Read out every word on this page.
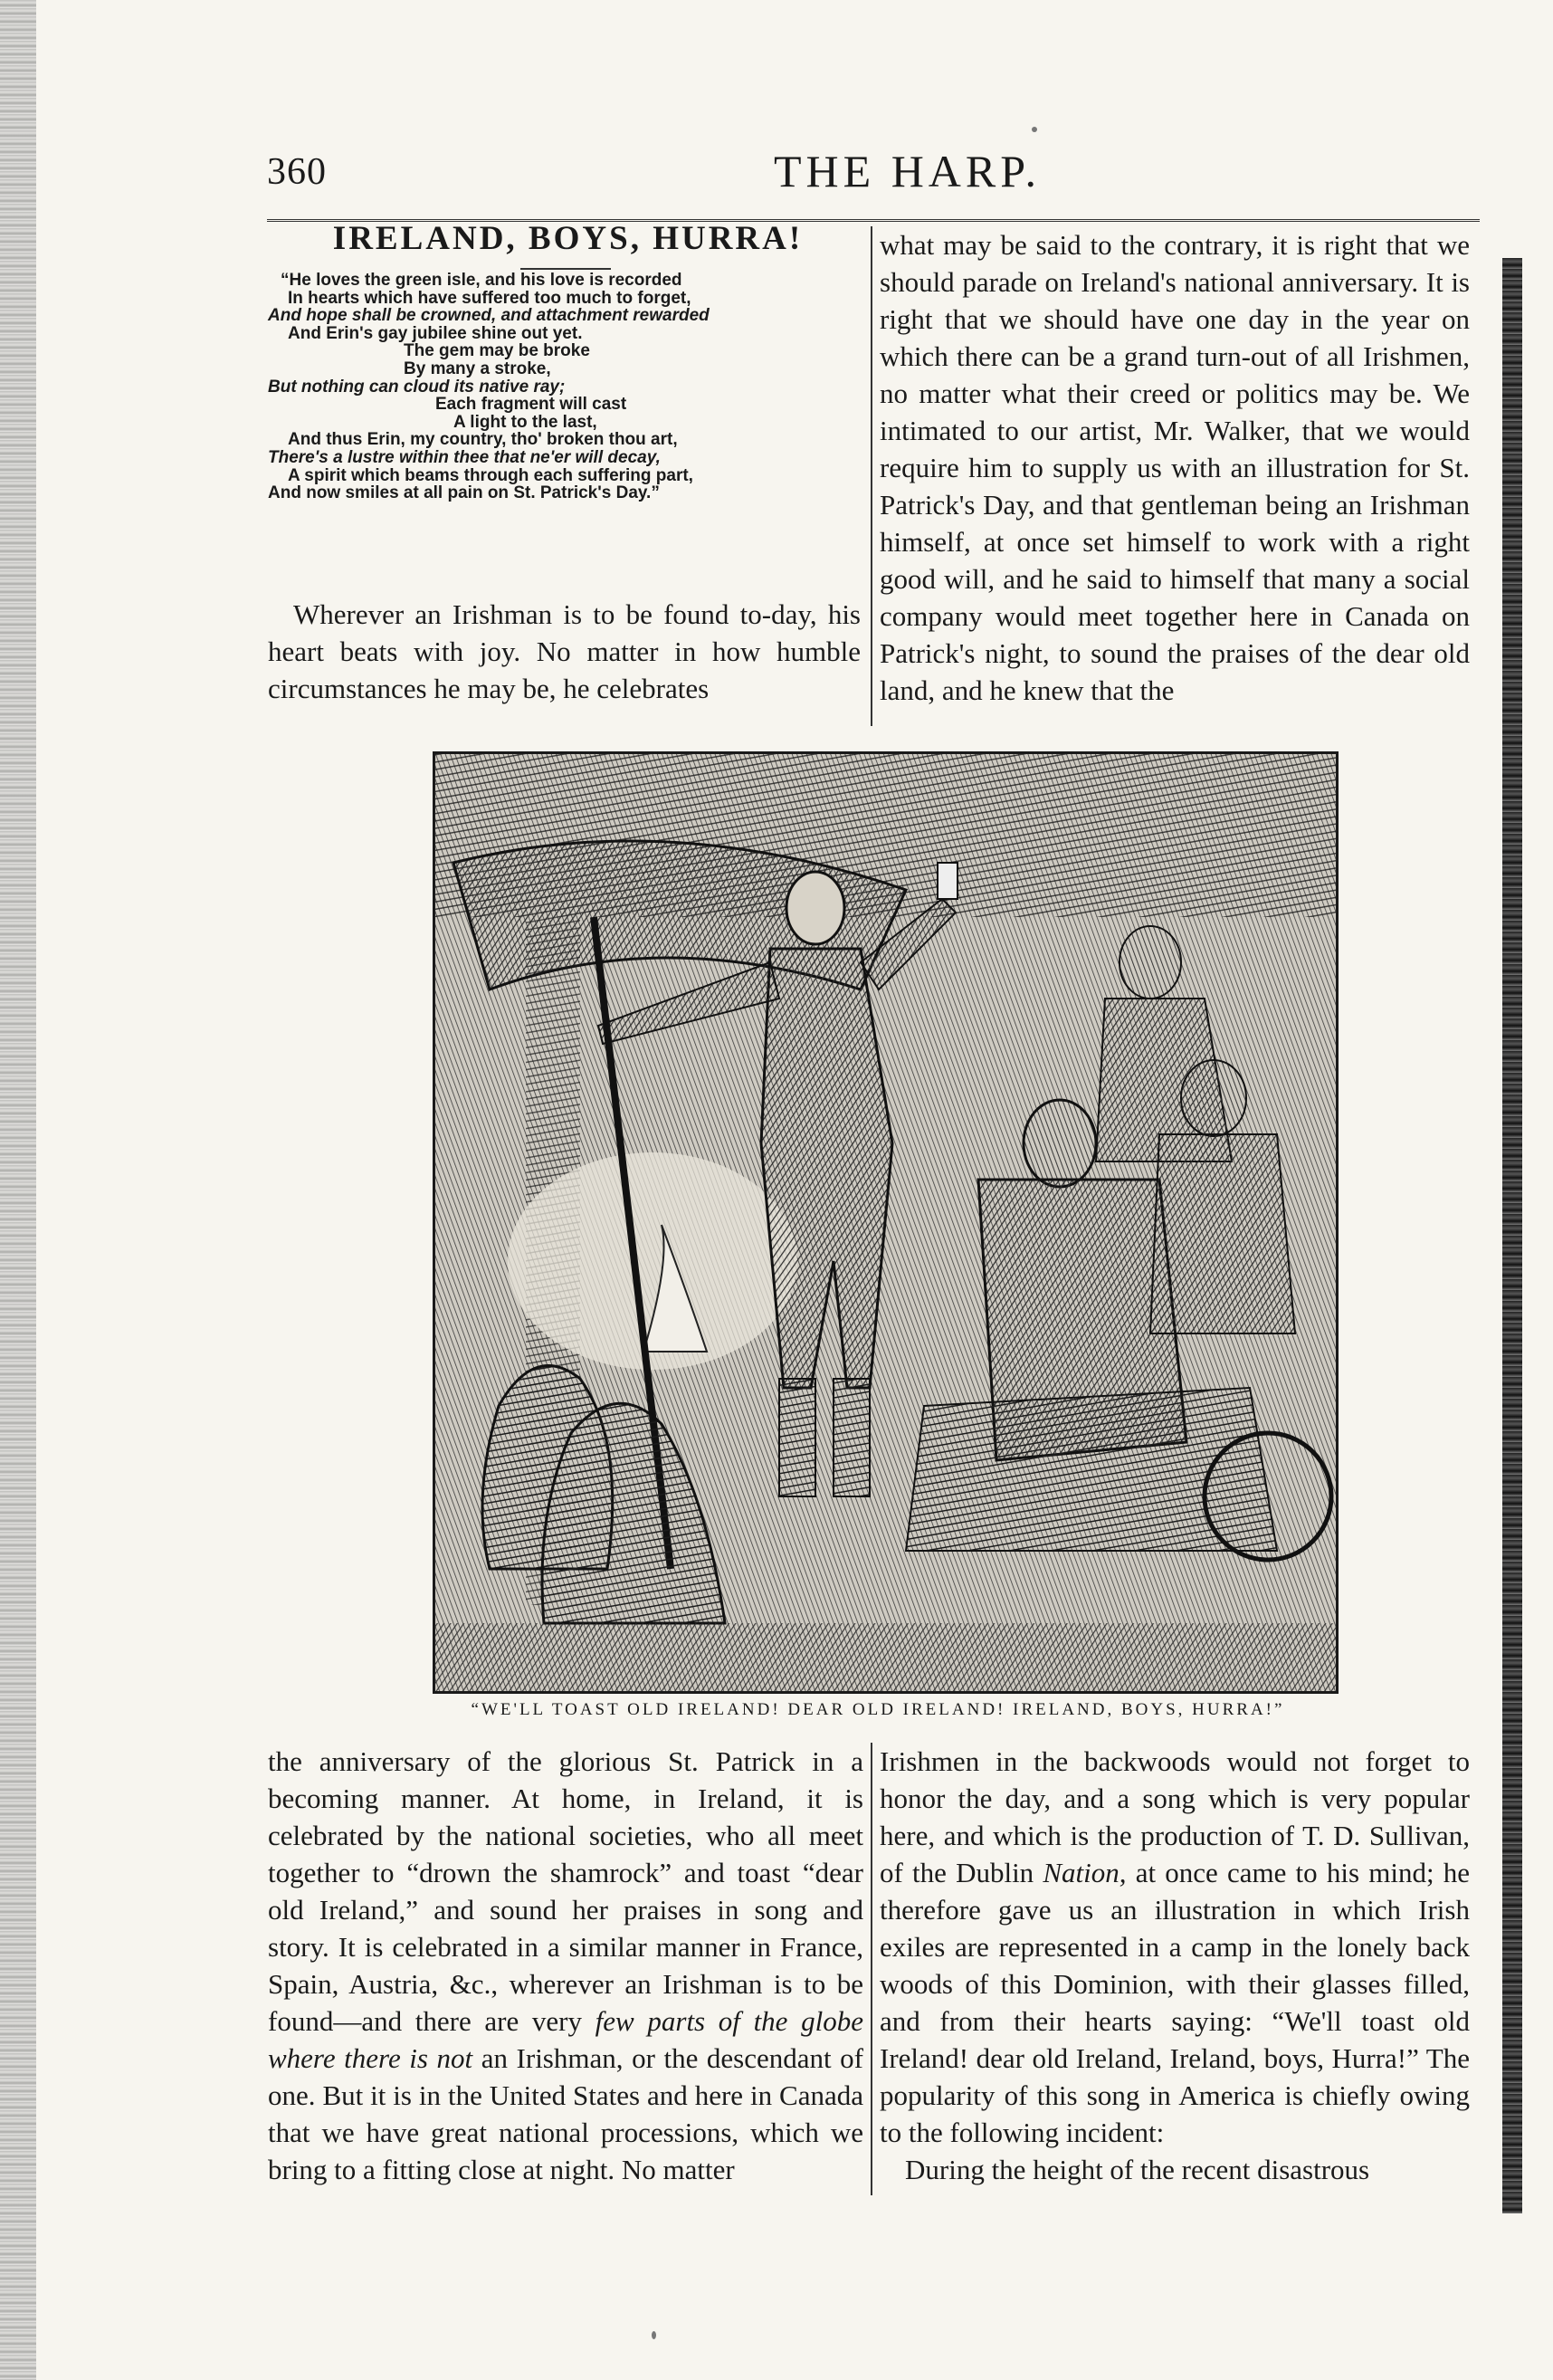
360	THE HARP.
IRELAND, BOYS, HURRA!
“He loves the green isle, and his love is recorded
In hearts which have suffered too much to forget,
And hope shall be crowned, and attachment rewarded
And Erin's gay jubilee shine out yet.
The gem may be broke
By many a stroke,
But nothing can cloud its native ray;
Each fragment will cast
A light to the last,
And thus Erin, my country, tho' broken thou art,
There's a lustre within thee that ne'er will decay,
A spirit which beams through each suffering part,
And now smiles at all pain on St. Patrick's Day.”

Wherever an Irishman is to be found to-day, his heart beats with joy. No matter in how humble circumstances he may be, he celebrates

what may be said to the contrary, it is right that we should parade on Ireland's national anniversary. It is right that we should have one day in the year on which there can be a grand turn-out of all Irishmen, no matter what their creed or politics may be. We intimated to our artist, Mr. Walker, that we would require him to supply us with an illustration for St. Patrick's Day, and that gentleman being an Irishman himself, at once set himself to work with a right good will, and he said to himself that many a social company would meet together here in Canada on Patrick's night, to sound the praises of the dear old land, and he knew that the

“WE'LL TOAST OLD IRELAND! DEAR OLD IRELAND! IRELAND, BOYS, HURRA!”

the anniversary of the glorious St. Patrick in a becoming manner. At home, in Ireland, it is celebrated by the national societies, who all meet together to “drown the shamrock” and toast “dear old Ireland,” and sound her praises in song and story. It is celebrated in a similar manner in France, Spain, Austria, &c., wherever an Irishman is to be found—and there are very few parts of the globe where there is not an Irishman, or the descendant of one. But it is in the United States and here in Canada that we have great national processions, which we bring to a fitting close at night. No matter

Irishmen in the backwoods would not forget to honor the day, and a song which is very popular here, and which is the production of T. D. Sullivan, of the Dublin Nation, at once came to his mind; he therefore gave us an illustration in which Irish exiles are represented in a camp in the lonely back woods of this Dominion, with their glasses filled, and from their hearts saying: “We'll toast old Ireland! dear old Ireland, Ireland, boys, Hurra!” The popularity of this song in America is chiefly owing to the following incident:

During the height of the recent disastrous
